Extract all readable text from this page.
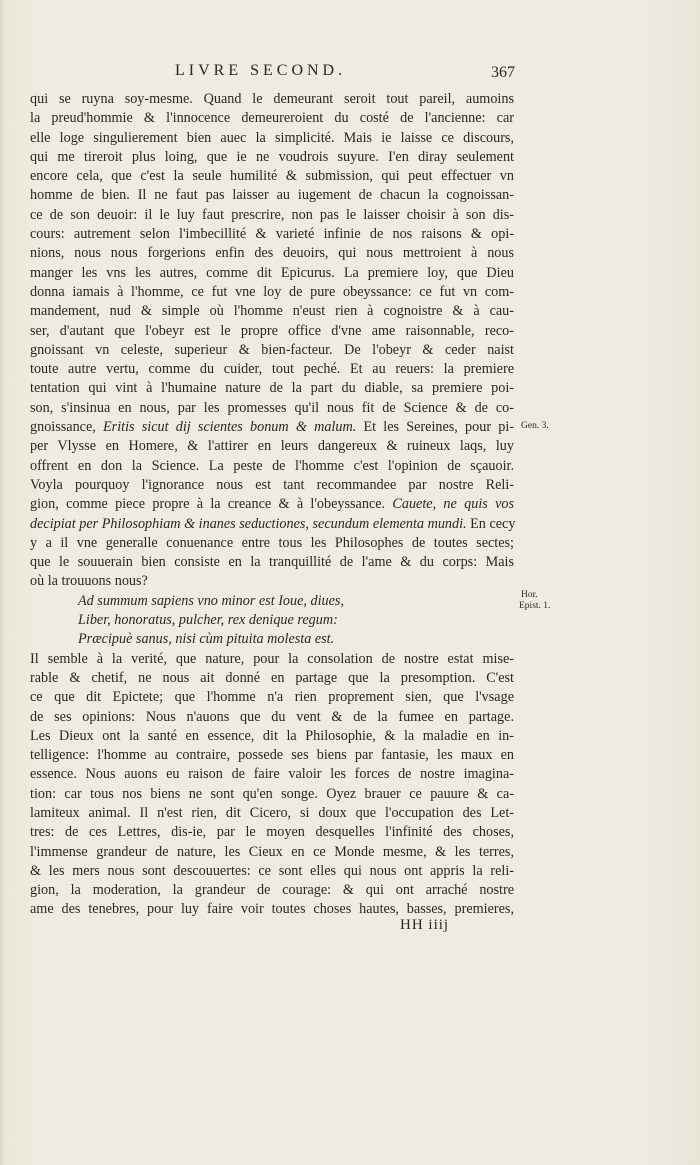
LIVRE SECOND.	367
qui se ruyna soy-mesme. Quand le demeurant seroit tout pareil, aumoins
la preud'hommie & l'innocence demeureroient du costé de l'ancienne: car
elle loge singulierement bien auec la simplicité. Mais ie laisse ce discours,
qui me tireroit plus loing, que ie ne voudrois suyure. I'en diray seulement
encore cela, que c'est la seule humilité & submission, qui peut effectuer vn
homme de bien. Il ne faut pas laisser au iugement de chacun la cognoissan-
ce de son deuoir: il le luy faut prescrire, non pas le laisser choisir à son dis-
cours: autrement selon l'imbecillité & varieté infinie de nos raisons & opi-
nions, nous nous forgerions enfin des deuoirs, qui nous mettroient à nous
manger les vns les autres, comme dit Epicurus. La premiere loy, que Dieu
donna iamais à l'homme, ce fut vne loy de pure obeyssance: ce fut vn com-
mandement, nud & simple où l'homme n'eust rien à cognoistre & à cau-
ser, d'autant que l'obeyr est le propre office d'vne ame raisonnable, reco-
gnoissant vn celeste, superieur & bien-facteur. De l'obeyr & ceder naist
toute autre vertu, comme du cuider, tout peché. Et au reuers: la premiere
tentation qui vint à l'humaine nature de la part du diable, sa premiere poi-
son, s'insinua en nous, par les promesses qu'il nous fit de Science & de co-
gnoissance, Eritis sicut dij scientes bonum & malum. Et les Sereines, pour pi-
per Vlysse en Homere, & l'attirer en leurs dangereux & ruineux laqs, luy
offrent en don la Science. La peste de l'homme c'est l'opinion de sçauoir.
Voyla pourquoy l'ignorance nous est tant recommandee par nostre Reli-
gion, comme piece propre à la creance & à l'obeyssance. Cauete, ne quis vos
decipiat per Philosophiam & inanes seductiones, secundum elementa mundi. En cecy
y a il vne generalle conuenance entre tous les Philosophes de toutes sectes;
que le souuerain bien consiste en la tranquillité de l'ame & du corps: Mais
où la trouuons nous?
Ad summum sapiens vno minor est Ioue, diues,
Liber, honoratus, pulcher, rex denique regum:
Præcipuè sanus, nisi cùm pituita molesta est.
Il semble à la verité, que nature, pour la consolation de nostre estat mise-
rable & chetif, ne nous ait donné en partage que la presomption. C'est
ce que dit Epictete; que l'homme n'a rien proprement sien, que l'vsage
de ses opinions: Nous n'auons que du vent & de la fumee en partage.
Les Dieux ont la santé en essence, dit la Philosophie, & la maladie en in-
telligence: l'homme au contraire, possede ses biens par fantasie, les maux en
essence. Nous auons eu raison de faire valoir les forces de nostre imagina-
tion: car tous nos biens ne sont qu'en songe. Oyez brauer ce pauure & ca-
lamiteux animal. Il n'est rien, dit Cicero, si doux que l'occupation des Let-
tres: de ces Lettres, dis-ie, par le moyen desquelles l'infinité des choses,
l'immense grandeur de nature, les Cieux en ce Monde mesme, & les terres,
& les mers nous sont descouuertes: ce sont elles qui nous ont appris la reli-
gion, la moderation, la grandeur de courage: & qui ont arraché nostre
ame des tenebres, pour luy faire voir toutes choses hautes, basses, premieres,
Gen. 3.
Hor.
Epist. 1.
HH iiij
